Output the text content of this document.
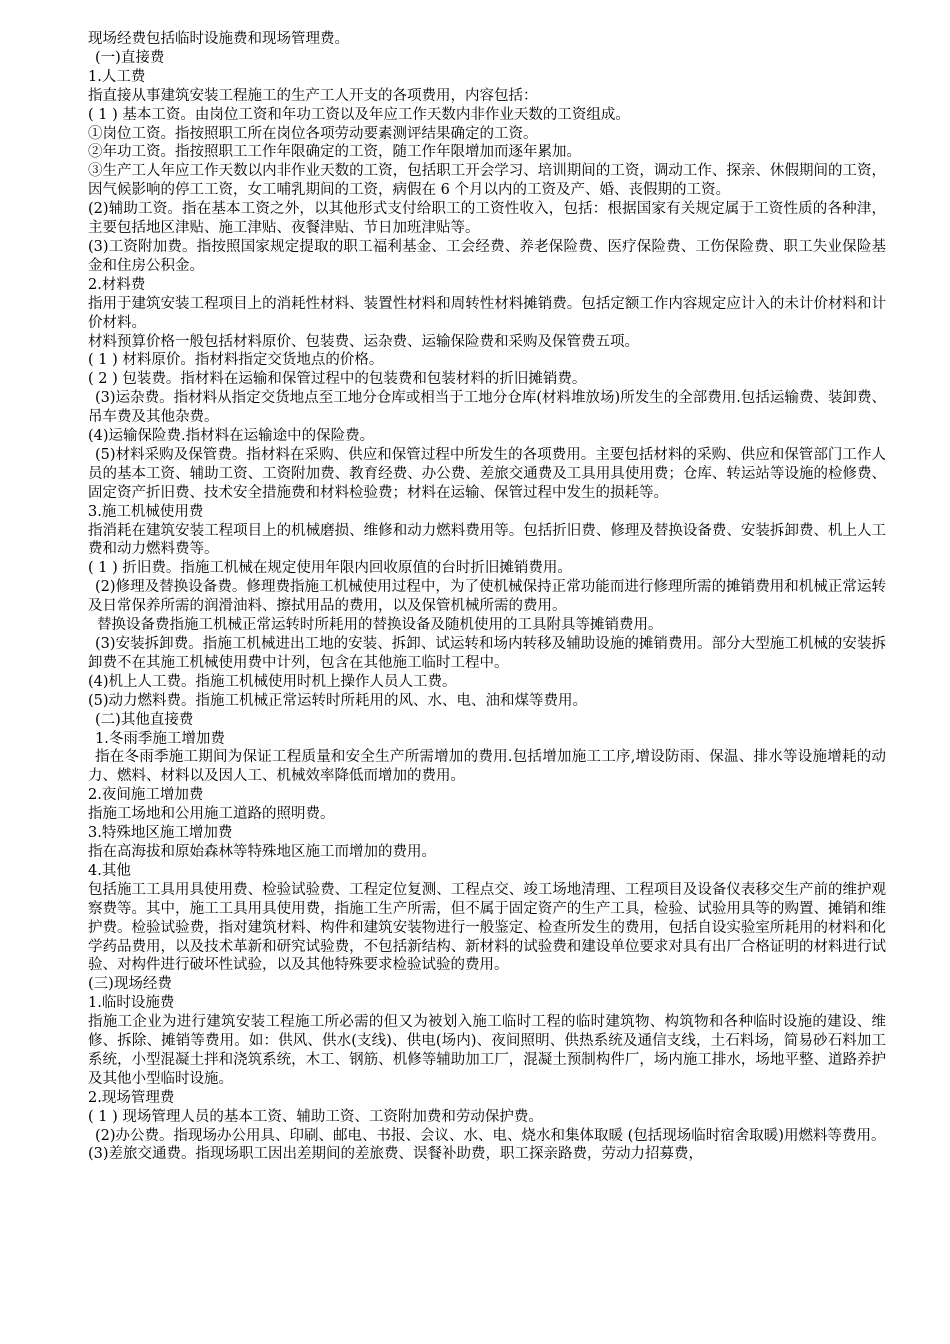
现场经费包括临时设施费和现场管理费。

(一)直接费

1.人工费

指直接从事建筑安装工程施工的生产工人开支的各项费用，内容包括：

( 1 ) 基本工资。由岗位工资和年功工资以及年应工作天数内非作业天数的工资组成。

①岗位工资。指按照职工所在岗位各项劳动要素测评结果确定的工资。

②年功工资。指按照职工工作年限确定的工资，随工作年限增加而逐年累加。

③生产工人年应工作天数以内非作业天数的工资，包括职工开会学习、培训期间的工资，调动工作、探亲、休假期间的工资，因气候影响的停工工资，女工哺乳期间的工资，病假在 6 个月以内的工资及产、婚、丧假期的工资。

(2)辅助工资。指在基本工资之外，以其他形式支付给职工的工资性收入，包括：根据国家有关规定属于工资性质的各种津，主要包括地区津贴、施工津贴、夜餐津贴、节日加班津贴等。

(3)工资附加费。指按照国家规定提取的职工福利基金、工会经费、养老保险费、医疗保险费、工伤保险费、职工失业保险基金和住房公积金。

2.材料费

指用于建筑安装工程项目上的消耗性材料、装置性材料和周转性材料摊销费。包括定额工作内容规定应计入的未计价材料和计价材料。

材料预算价格一般包括材料原价、包装费、运杂费、运输保险费和采购及保管费五项。

( 1 ) 材料原价。指材料指定交货地点的价格。

( 2 ) 包装费。指材料在运输和保管过程中的包装费和包装材料的折旧摊销费。

(3)运杂费。指材料从指定交货地点至工地分仓库或相当于工地分仓库(材料堆放场)所发生的全部费用.包括运输费、装卸费、吊车费及其他杂费。

(4)运输保险费.指材料在运输途中的保险费。

(5)材料采购及保管费。指材料在采购、供应和保管过程中所发生的各项费用。主要包括材料的采购、供应和保管部门工作人员的基本工资、辅助工资、工资附加费、教育经费、办公费、差旅交通费及工具用具使用费；仓库、转运站等设施的检修费、固定资产折旧费、技术安全措施费和材料检验费；材料在运输、保管过程中发生的损耗等。

3.施工机械使用费

指消耗在建筑安装工程项目上的机械磨损、维修和动力燃料费用等。包括折旧费、修理及替换设备费、安装拆卸费、机上人工费和动力燃料费等。

( 1 ) 折旧费。指施工机械在规定使用年限内回收原值的台时折旧摊销费用。

(2)修理及替换设备费。修理费指施工机械使用过程中，为了使机械保持正常功能而进行修理所需的摊销费用和机械正常运转及日常保养所需的润滑油料、擦拭用品的费用，以及保管机械所需的费用。

替换设备费指施工机械正常运转时所耗用的替换设备及随机使用的工具附具等摊销费用。

(3)安装拆卸费。指施工机械进出工地的安装、拆卸、试运转和场内转移及辅助设施的摊销费用。部分大型施工机械的安装拆卸费不在其施工机械使用费中计列，包含在其他施工临时工程中。

(4)机上人工费。指施工机械使用时机上操作人员人工费。

(5)动力燃料费。指施工机械正常运转时所耗用的风、水、电、油和煤等费用。

(二)其他直接费

1.冬雨季施工增加费

指在冬雨季施工期间为保证工程质量和安全生产所需增加的费用.包括增加施工工序,增设防雨、保温、排水等设施增耗的动力、燃料、材料以及因人工、机械效率降低而增加的费用。

2.夜间施工增加费

指施工场地和公用施工道路的照明费。

3.特殊地区施工增加费

指在高海拔和原始森林等特殊地区施工而增加的费用。

4.其他

包括施工工具用具使用费、检验试验费、工程定位复测、工程点交、竣工场地清理、工程项目及设备仪表移交生产前的维护观察费等。其中，施工工具用具使用费，指施工生产所需，但不属于固定资产的生产工具，检验、试验用具等的购置、摊销和维护费。检验试验费，指对建筑材料、构件和建筑安装物进行一般鉴定、检查所发生的费用，包括自设实验室所耗用的材料和化学药品费用，以及技术革新和研究试验费，不包括新结构、新材料的试验费和建设单位要求对具有出厂合格证明的材料进行试验、对构件进行破坏性试验，以及其他特殊要求检验试验的费用。

(三)现场经费

1.临时设施费

指施工企业为进行建筑安装工程施工所必需的但又为被划入施工临时工程的临时建筑物、构筑物和各种临时设施的建设、维修、拆除、摊销等费用。如：供风、供水(支线)、供电(场内)、夜间照明、供热系统及通信支线，土石料场，简易砂石料加工系统，小型混凝土拌和浇筑系统，木工、钢筋、机修等辅助加工厂，混凝土预制构件厂，场内施工排水，场地平整、道路养护及其他小型临时设施。

2.现场管理费

( 1 ) 现场管理人员的基本工资、辅助工资、工资附加费和劳动保护费。

(2)办公费。指现场办公用具、印刷、邮电、书报、会议、水、电、烧水和集体取暖 (包括现场临时宿舍取暖)用燃料等费用。

(3)差旅交通费。指现场职工因出差期间的差旅费、误餐补助费，职工探亲路费，劳动力招募费，
